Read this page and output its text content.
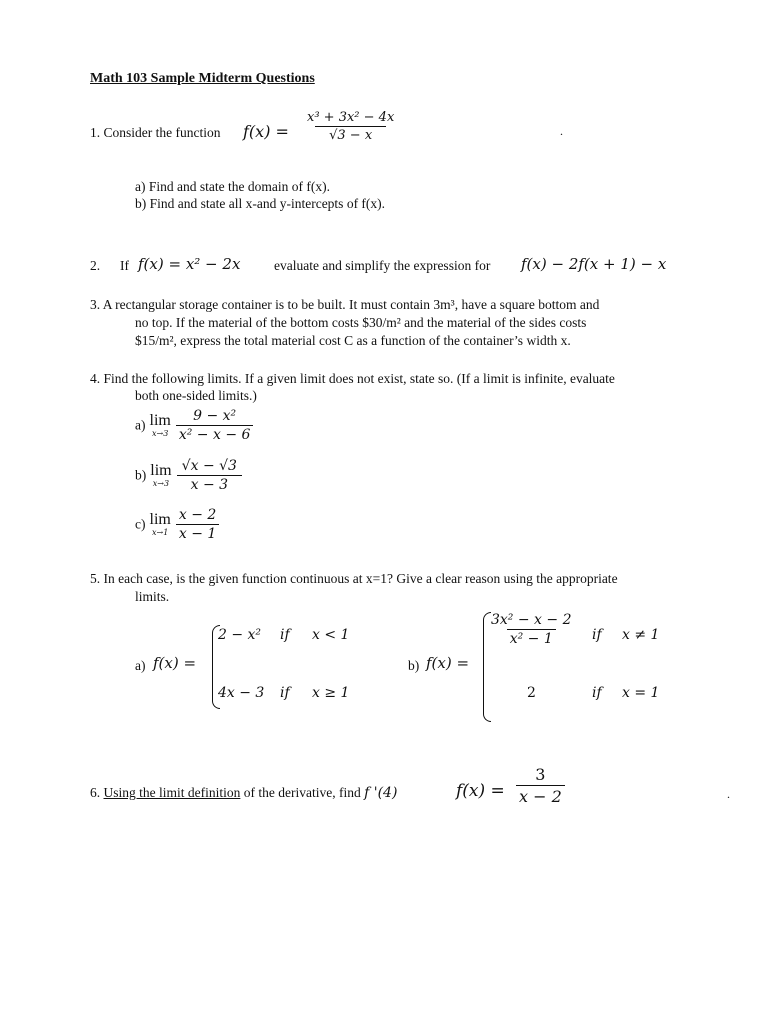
Math 103 Sample Midterm Questions
1. Consider the function $f(x) = \frac{\text{x³ + 3x² − 4x}}{√3 - x}$	.
a) Find and state the domain of f(x).
b) Find and state all x-and y-intercepts of f(x).
2. If f(x) = x² − 2x evaluate and simplify the expression for f(x) − 2f(x + 1) − x
3. A rectangular storage container is to be built. It must contain 3m³, have a square bottom and
no top. If the material of the bottom costs $30/m² and the material of the sides costs
$15/m², express the total material cost C as a function of the container’s width x.
4. Find the following limits. If a given limit does not exist, state so. (If a limit is infinite, evaluate
both one-sided limits.)
a) lim
x→3
$\frac{\text{9 − x²}}{\text{x² − x − 6}}$
b) lim
x→3
$\frac{√x - √3}{x - 3}$
c) lim
x→1
$\frac{x - 2}{x - 1}$
5. In each case, is the given function continuous at x=1? Give a clear reason using the appropriate
limits.
a) f(x) =
2 − x² if x < 1
4x − 3 if x ≥ 1
b) f(x) =
$\frac{\text{3x² − x − 2}}{\text{x² − 1}}$ if x ≠ 1
2	if x = 1
6. Using the limit definition of the derivative, find f '(4)	$f(x) = \frac{3}{x - 2}$	.
